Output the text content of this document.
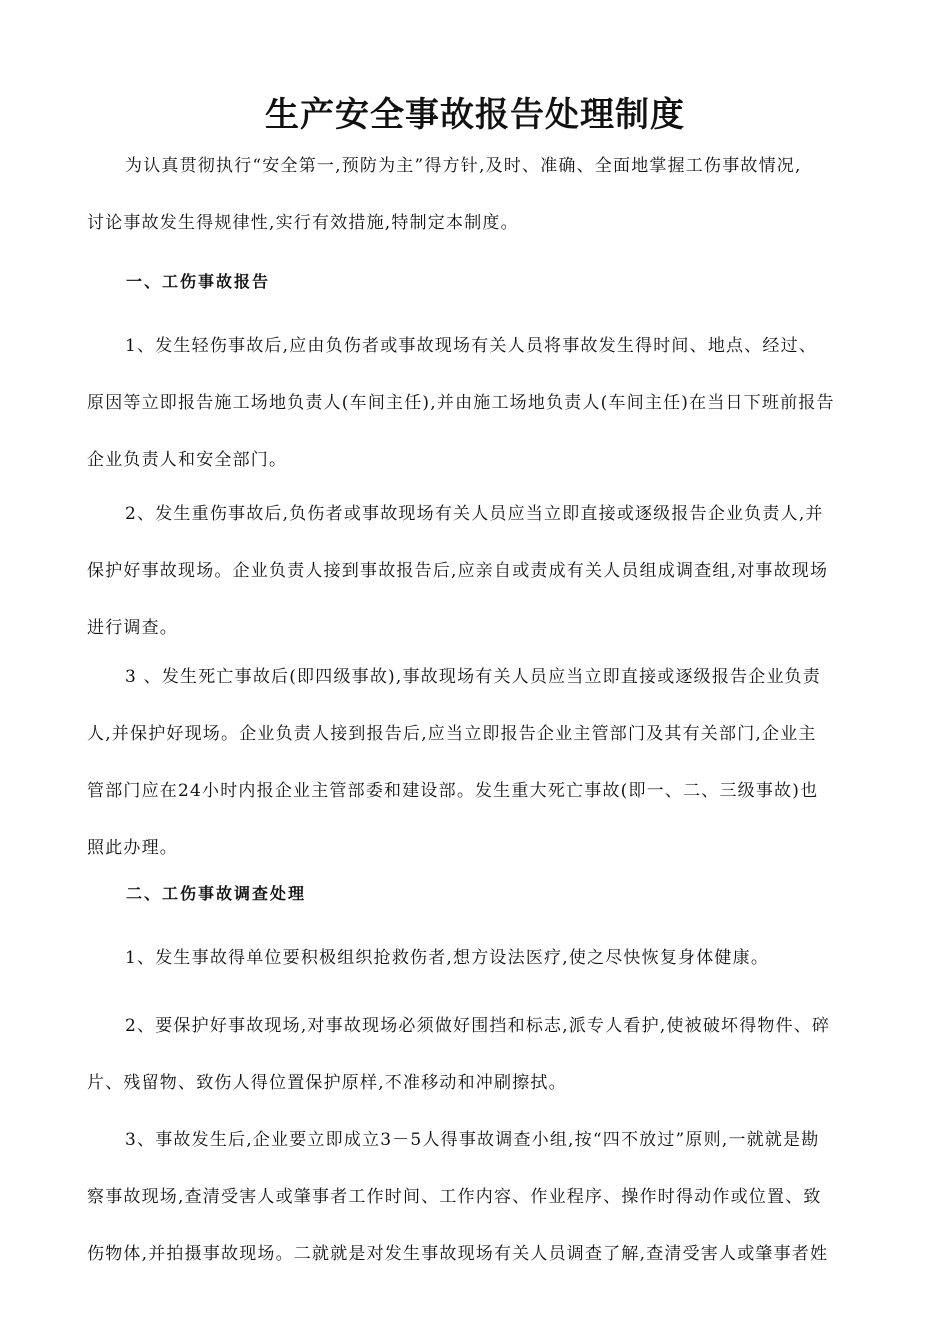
生产安全事故报告处理制度
为认真贯彻执行“安全第一,预防为主”得方针,及时、准确、全面地掌握工伤事故情况,
讨论事故发生得规律性,实行有效措施,特制定本制度。
一、工伤事故报告
1、发生轻伤事故后,应由负伤者或事故现场有关人员将事故发生得时间、地点、经过、
原因等立即报告施工场地负责人(车间主任),并由施工场地负责人(车间主任)在当日下班前报告
企业负责人和安全部门。
2、发生重伤事故后,负伤者或事故现场有关人员应当立即直接或逐级报告企业负责人,并
保护好事故现场。企业负责人接到事故报告后,应亲自或责成有关人员组成调查组,对事故现场
进行调查。
3 、发生死亡事故后(即四级事故),事故现场有关人员应当立即直接或逐级报告企业负责
人,并保护好现场。企业负责人接到报告后,应当立即报告企业主管部门及其有关部门,企业主
管部门应在24小时内报企业主管部委和建设部。发生重大死亡事故(即一、二、三级事故)也
照此办理。
二、工伤事故调查处理
1、发生事故得单位要积极组织抢救伤者,想方设法医疗,使之尽快恢复身体健康。
2、要保护好事故现场,对事故现场必须做好围挡和标志,派专人看护,使被破坏得物件、碎
片、残留物、致伤人得位置保护原样,不准移动和冲刷擦拭。
3、事故发生后,企业要立即成立3－5人得事故调查小组,按“四不放过”原则,一就就是勘
察事故现场,查清受害人或肇事者工作时间、工作内容、作业程序、操作时得动作或位置、致
伤物体,并拍摄事故现场。二就就是对发生事故现场有关人员调查了解,查清受害人或肇事者姓
